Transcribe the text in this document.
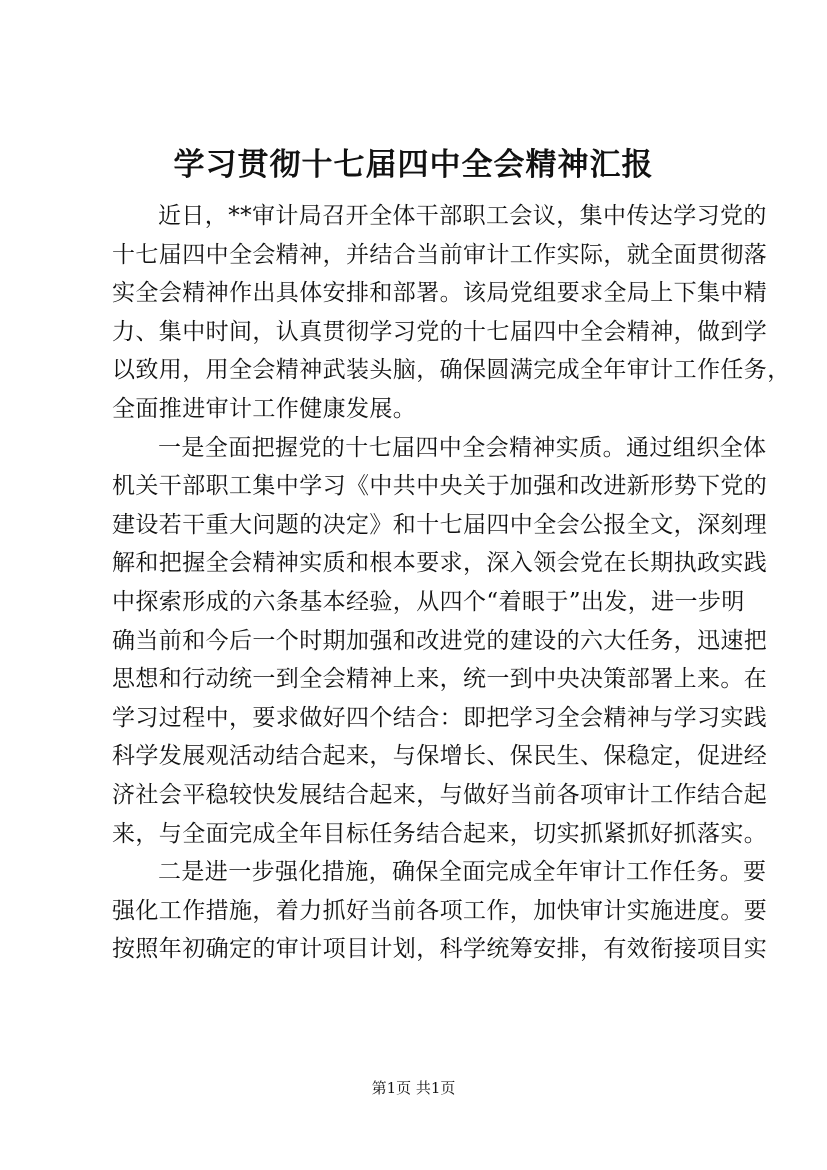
学习贯彻十七届四中全会精神汇报
近日，**审计局召开全体干部职工会议，集中传达学习党的
十七届四中全会精神，并结合当前审计工作实际，就全面贯彻落
实全会精神作出具体安排和部署。该局党组要求全局上下集中精
力、集中时间，认真贯彻学习党的十七届四中全会精神，做到学
以致用，用全会精神武装头脑，确保圆满完成全年审计工作任务，
全面推进审计工作健康发展。
一是全面把握党的十七届四中全会精神实质。通过组织全体
机关干部职工集中学习《中共中央关于加强和改进新形势下党的
建设若干重大问题的决定》和十七届四中全会公报全文，深刻理
解和把握全会精神实质和根本要求，深入领会党在长期执政实践
中探索形成的六条基本经验，从四个“着眼于”出发，进一步明
确当前和今后一个时期加强和改进党的建设的六大任务，迅速把
思想和行动统一到全会精神上来，统一到中央决策部署上来。在
学习过程中，要求做好四个结合：即把学习全会精神与学习实践
科学发展观活动结合起来，与保增长、保民生、保稳定，促进经
济社会平稳较快发展结合起来，与做好当前各项审计工作结合起
来，与全面完成全年目标任务结合起来，切实抓紧抓好抓落实。
二是进一步强化措施，确保全面完成全年审计工作任务。要
强化工作措施，着力抓好当前各项工作，加快审计实施进度。要
按照年初确定的审计项目计划，科学统筹安排，有效衔接项目实
第1页 共1页
